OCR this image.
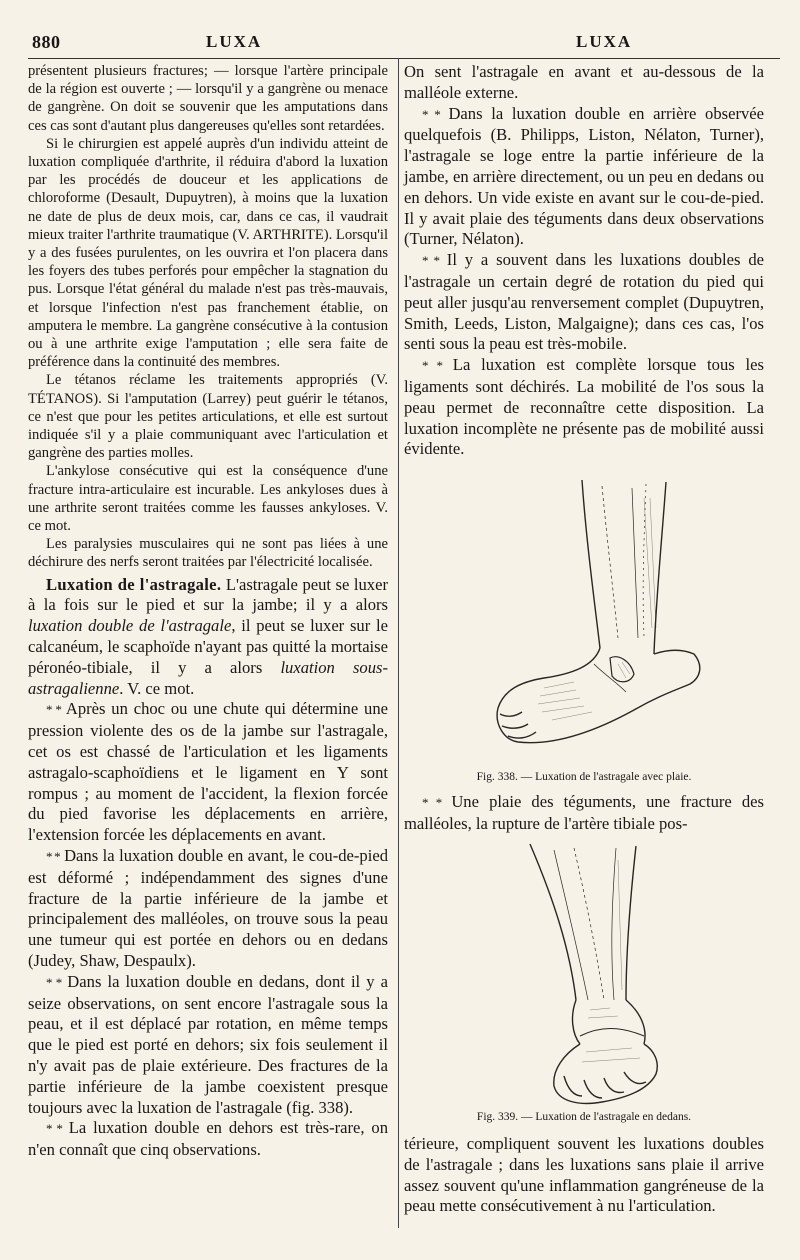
880	LUXA	LUXA

présentent plusieurs fractures; — lorsque l'artère principale de la région est ouverte ; — lorsqu'il y a gangrène ou menace de gangrène. On doit se souvenir que les amputations dans ces cas sont d'autant plus dangereuses qu'elles sont retardées.

Si le chirurgien est appelé auprès d'un individu atteint de luxation compliquée d'arthrite, il réduira d'abord la luxation par les procédés de douceur et les applications de chloroforme (Desault, Dupuytren), à moins que la luxation ne date de plus de deux mois, car, dans ce cas, il vaudrait mieux traiter l'arthrite traumatique (V. ARTHRITE). Lorsqu'il y a des fusées purulentes, on les ouvrira et l'on placera dans les foyers des tubes perforés pour empêcher la stagnation du pus. Lorsque l'état général du malade n'est pas très-mauvais, et lorsque l'infection n'est pas franchement établie, on amputera le membre. La gangrène consécutive à la contusion ou à une arthrite exige l'amputation ; elle sera faite de préférence dans la continuité des membres.

Le tétanos réclame les traitements appropriés (V. TÉTANOS). Si l'amputation (Larrey) peut guérir le tétanos, ce n'est que pour les petites articulations, et elle est surtout indiquée s'il y a plaie communiquant avec l'articulation et gangrène des parties molles.

L'ankylose consécutive qui est la conséquence d'une fracture intra-articulaire est incurable. Les ankyloses dues à une arthrite seront traitées comme les fausses ankyloses. V. ce mot.

Les paralysies musculaires qui ne sont pas liées à une déchirure des nerfs seront traitées par l'électricité localisée.

Luxation de l'astragale. L'astragale peut se luxer à la fois sur le pied et sur la jambe; il y a alors luxation double de l'astragale, il peut se luxer sur le calcanéum, le scaphoïde n'ayant pas quitté la mortaise péronéo-tibiale, il y a alors luxation sous-astragalienne. V. ce mot.

* * Après un choc ou une chute qui détermine une pression violente des os de la jambe sur l'astragale, cet os est chassé de l'articulation et les ligaments astragalo-scaphoïdiens et le ligament en Y sont rompus ; au moment de l'accident, la flexion forcée du pied favorise les déplacements en arrière, l'extension forcée les déplacements en avant.

* * Dans la luxation double en avant, le cou-de-pied est déformé ; indépendamment des signes d'une fracture de la partie inférieure de la jambe et principalement des malléoles, on trouve sous la peau une tumeur qui est portée en dehors ou en dedans (Judey, Shaw, Despaulx).

* * Dans la luxation double en dedans, dont il y a seize observations, on sent encore l'astragale sous la peau, et il est déplacé par rotation, en même temps que le pied est porté en dehors; six fois seulement il n'y avait pas de plaie extérieure. Des fractures de la partie inférieure de la jambe coexistent presque toujours avec la luxation de l'astragale (fig. 338).

* * La luxation double en dehors est très-rare, on n'en connaît que cinq observations.

On sent l'astragale en avant et au-dessous de la malléole externe.

* * Dans la luxation double en arrière observée quelquefois (B. Philipps, Liston, Nélaton, Turner), l'astragale se loge entre la partie inférieure de la jambe, en arrière directement, ou un peu en dedans ou en dehors. Un vide existe en avant sur le cou-de-pied. Il y avait plaie des téguments dans deux observations (Turner, Nélaton).

* * Il y a souvent dans les luxations doubles de l'astragale un certain degré de rotation du pied qui peut aller jusqu'au renversement complet (Dupuytren, Smith, Leeds, Liston, Malgaigne); dans ces cas, l'os senti sous la peau est très-mobile.

* * La luxation est complète lorsque tous les ligaments sont déchirés. La mobilité de l'os sous la peau permet de reconnaître cette disposition. La luxation incomplète ne présente pas de mobilité aussi évidente.

Fig. 338. — Luxation de l'astragale avec plaie.

* * Une plaie des téguments, une fracture des malléoles, la rupture de l'artère tibiale pos-

Fig. 339. — Luxation de l'astragale en dedans.

térieure, compliquent souvent les luxations doubles de l'astragale ; dans les luxations sans plaie il arrive assez souvent qu'une inflammation gangréneuse de la peau mette consécutivement à nu l'articulation.
